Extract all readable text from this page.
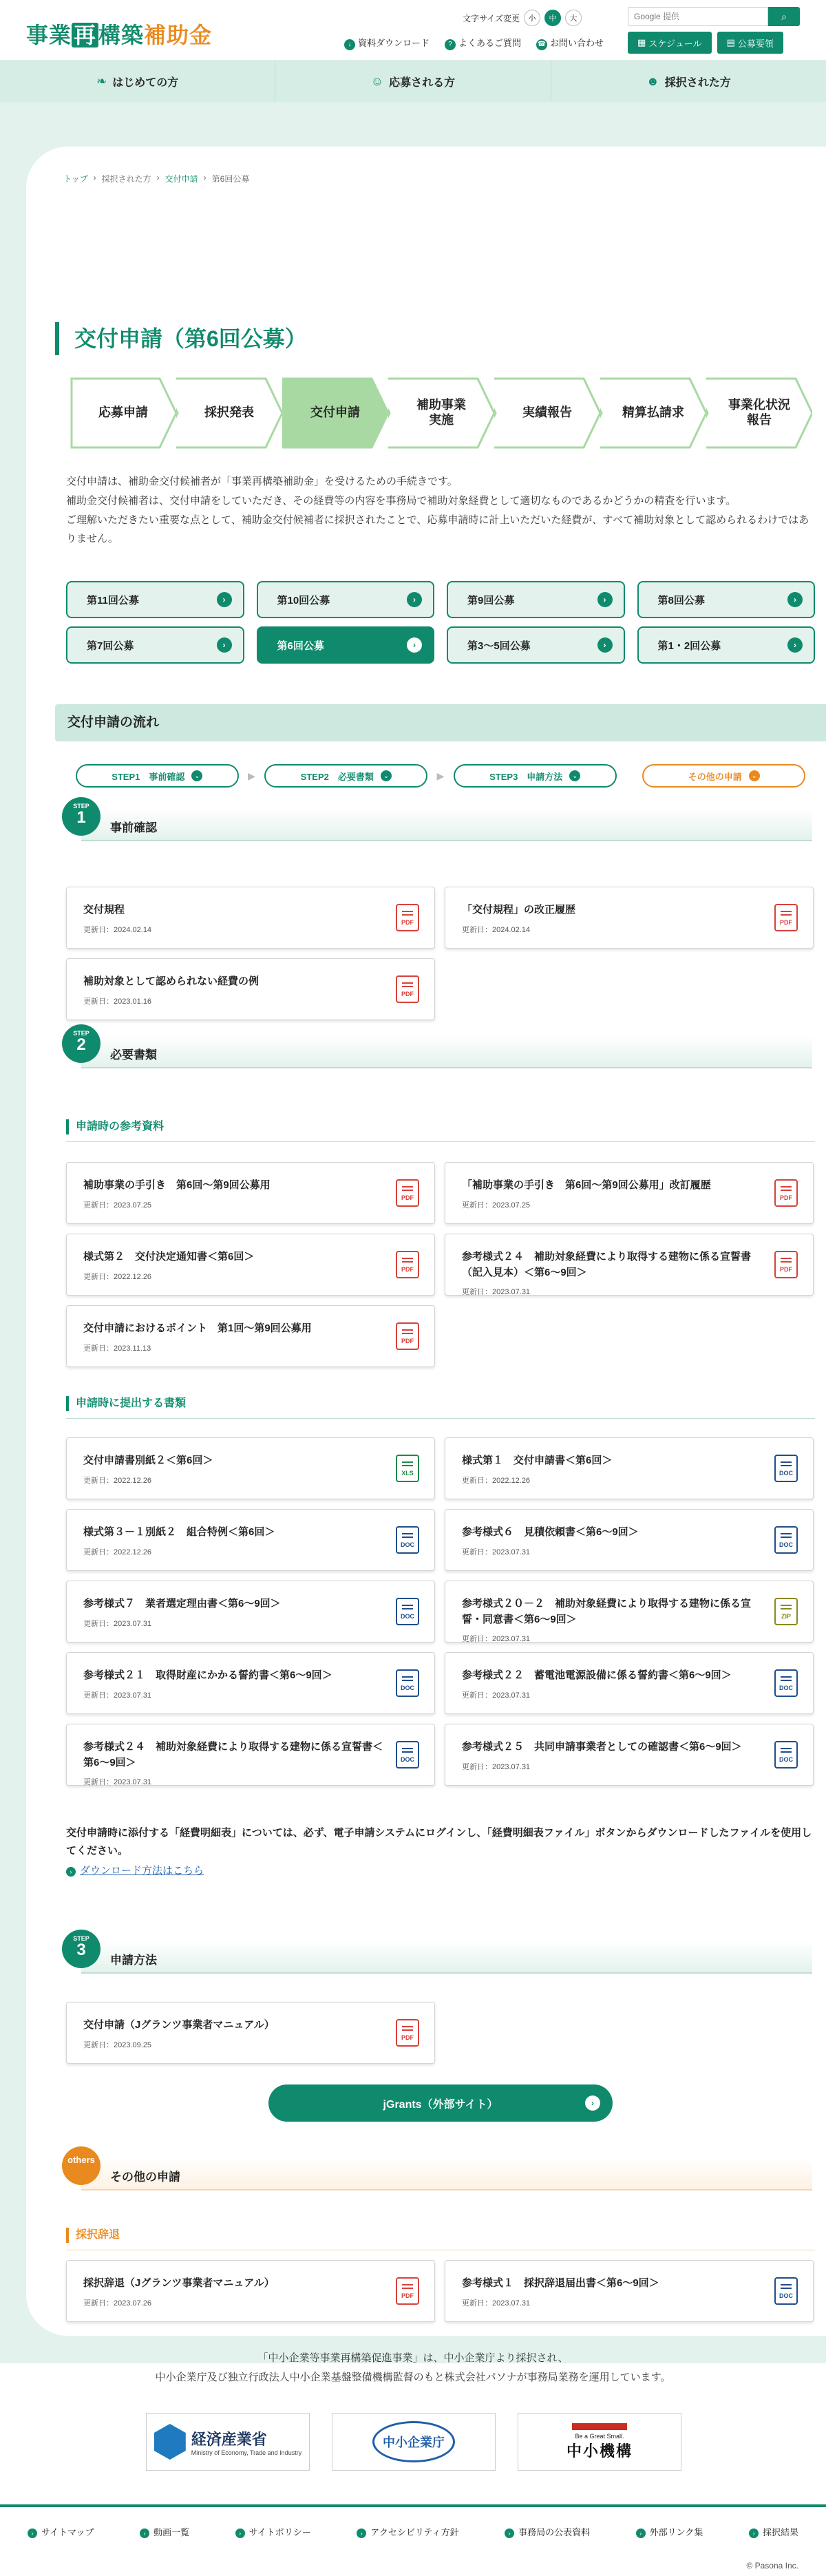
事業再構築補助金
文字サイズ変更	小	中	大
Google 提供	⌕
↓ 資料ダウンロード	? よくあるご質問 ☎ お問い合わせ	▦ スケジュール	▤ 公募要領
❧ はじめての方	☺ 応募される方	☻ 採択された方
トップ › 採択された方 › 交付申請 › 第6回公募
交付申請（第6回公募）
応募申請	採択発表	交付申請
補助事業
実施
実績報告	精算払請求
事業化状況
報告

交付申請は、補助金交付候補者が「事業再構築補助金」を受けるための手続きです。

補助金交付候補者は、交付申請をしていただき、その経費等の内容を事務局で補助対象経費として適切なものであるかどうかの精査を行います。

ご理解いただきたい重要な点として、補助金交付候補者に採択されたことで、応募申請時に計上いただいた経費が、すべて補助対象として認められるわけではありません。

第11回公募	›	第10回公募	›	第9回公募	›	第8回公募	›
第7回公募	›	第6回公募	›	第3～5回公募	›	第1・2回公募	›
交付申請の流れ
STEP1　事前確認	⌄	▶	STEP2　必要書類	⌄	▶	STEP3　申請方法	⌄	その他の申請	⌄
STEP
1
事前確認
交付規程
更新日：2024.02.14
PDF
「交付規程」の改正履歴
更新日：2024.02.14
PDF
補助対象として認められない経費の例
更新日：2023.01.16
PDF
STEP
2
必要書類
申請時の参考資料
補助事業の手引き　第6回～第9回公募用
更新日：2023.07.25
PDF
「補助事業の手引き　第6回～第9回公募用」改訂履歴
更新日：2023.07.25
PDF
様式第２　交付決定通知書＜第6回＞
更新日：2022.12.26
PDF
参考様式２４　補助対象経費により取得する建物に係る宣誓書（記入見本）＜第6～9回＞
更新日：2023.07.31
PDF
交付申請におけるポイント　第1回～第9回公募用
更新日：2023.11.13
PDF
申請時に提出する書類
交付申請書別紙２＜第6回＞
更新日：2022.12.26
XLS
様式第１　交付申請書＜第6回＞
更新日：2022.12.26
DOC
様式第３－１別紙２　組合特例＜第6回＞
更新日：2022.12.26
DOC
参考様式６　見積依頼書＜第6～9回＞
更新日：2023.07.31
DOC
参考様式７　業者選定理由書＜第6～9回＞
更新日：2023.07.31
DOC
参考様式２０－２　補助対象経費により取得する建物に係る宣誓・同意書＜第6～9回＞
更新日：2023.07.31
ZIP
参考様式２１　取得財産にかかる誓約書＜第6～9回＞
更新日：2023.07.31
DOC
参考様式２２　蓄電池電源設備に係る誓約書＜第6～9回＞
更新日：2023.07.31
DOC
参考様式２４　補助対象経費により取得する建物に係る宣誓書＜第6～9回＞
更新日：2023.07.31
DOC
参考様式２５　共同申請事業者としての確認書＜第6～9回＞
更新日：2023.07.31
DOC
交付申請時に添付する「経費明細表」については、必ず、電子申請システムにログインし、「経費明細表ファイル」ボタンからダウンロードしたファイルを使用してください。
› ダウンロード方法はこちら
STEP
3
申請方法
交付申請（Jグランツ事業者マニュアル）
更新日：2023.09.25
PDF
jGrants（外部サイト）	›
others
その他の申請
採択辞退
採択辞退（Jグランツ事業者マニュアル）
更新日：2023.07.26
PDF
参考様式１　採択辞退届出書＜第6～9回＞
更新日：2023.07.31
DOC

「中小企業等事業再構築促進事業」は、中小企業庁より採択され、

中小企業庁及び独立行政法人中小企業基盤整備機構監督のもと株式会社パソナが事務局業務を運用しています。

経済産業省
Ministry of Economy, Trade and Industry
中小企業庁	Be a Great Small.
中小機構
› サイトマップ	› 動画一覧	› サイトポリシー	› アクセシビリティ方針	› 事務局の公表資料	› 外部リンク集	› 採択結果
© Pasona Inc.
